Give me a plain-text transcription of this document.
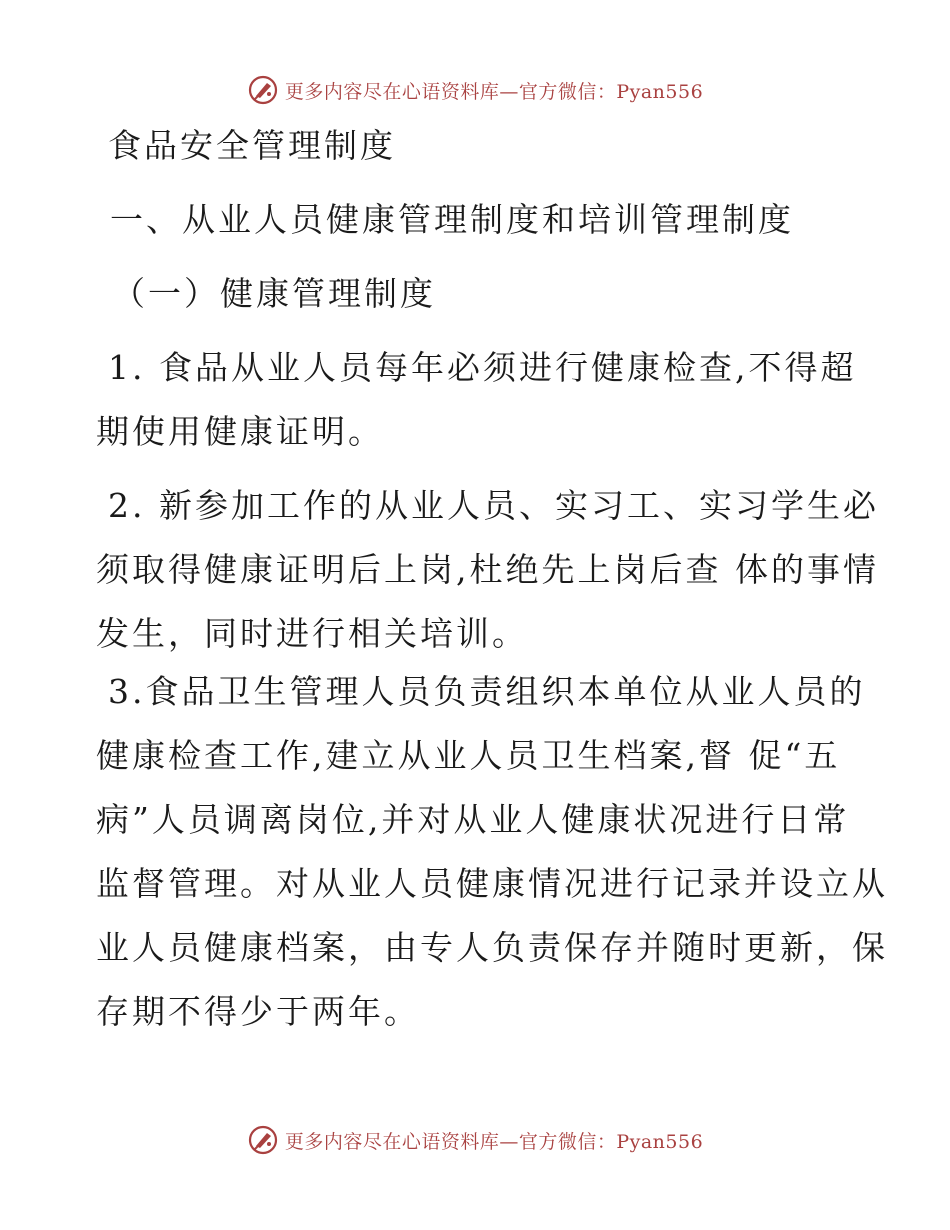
更多内容尽在心语资料库—官方微信：Pyan556
食品安全管理制度
一、从业人员健康管理制度和培训管理制度
（一）健康管理制度
1. 食品从业人员每年必须进行健康检查,不得超
期使用健康证明。
2. 新参加工作的从业人员、实习工、实习学生必
须取得健康证明后上岗,杜绝先上岗后查 体的事情
发生，同时进行相关培训。
3.食品卫生管理人员负责组织本单位从业人员的
健康检查工作,建立从业人员卫生档案,督 促“五
病”人员调离岗位,并对从业人健康状况进行日常
监督管理。对从业人员健康情况进行记录并设立从
业人员健康档案，由专人负责保存并随时更新，保
存期不得少于两年。
更多内容尽在心语资料库—官方微信：Pyan556
